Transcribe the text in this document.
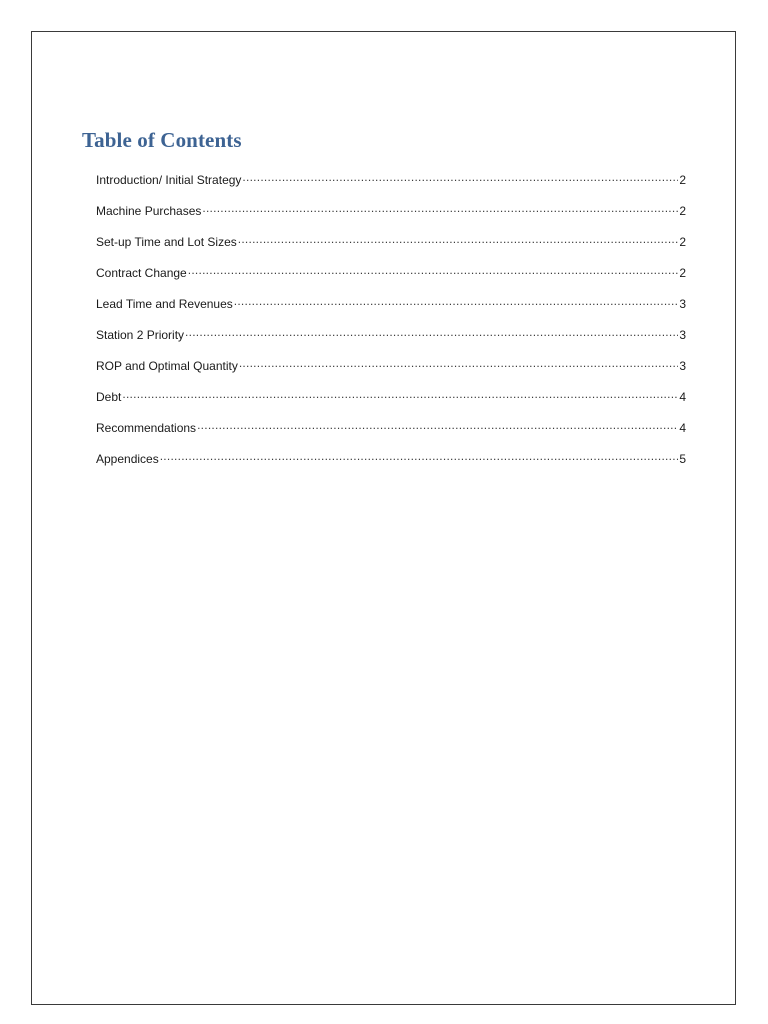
Table of Contents
Introduction/ Initial Strategy .....	2
Machine Purchases .....	2
Set-up Time and Lot Sizes .....	2
Contract Change .....	2
Lead Time and Revenues .....	3
Station 2 Priority .....	3
ROP and Optimal Quantity .....	3
Debt .....	4
Recommendations .....	4
Appendices .....	5
